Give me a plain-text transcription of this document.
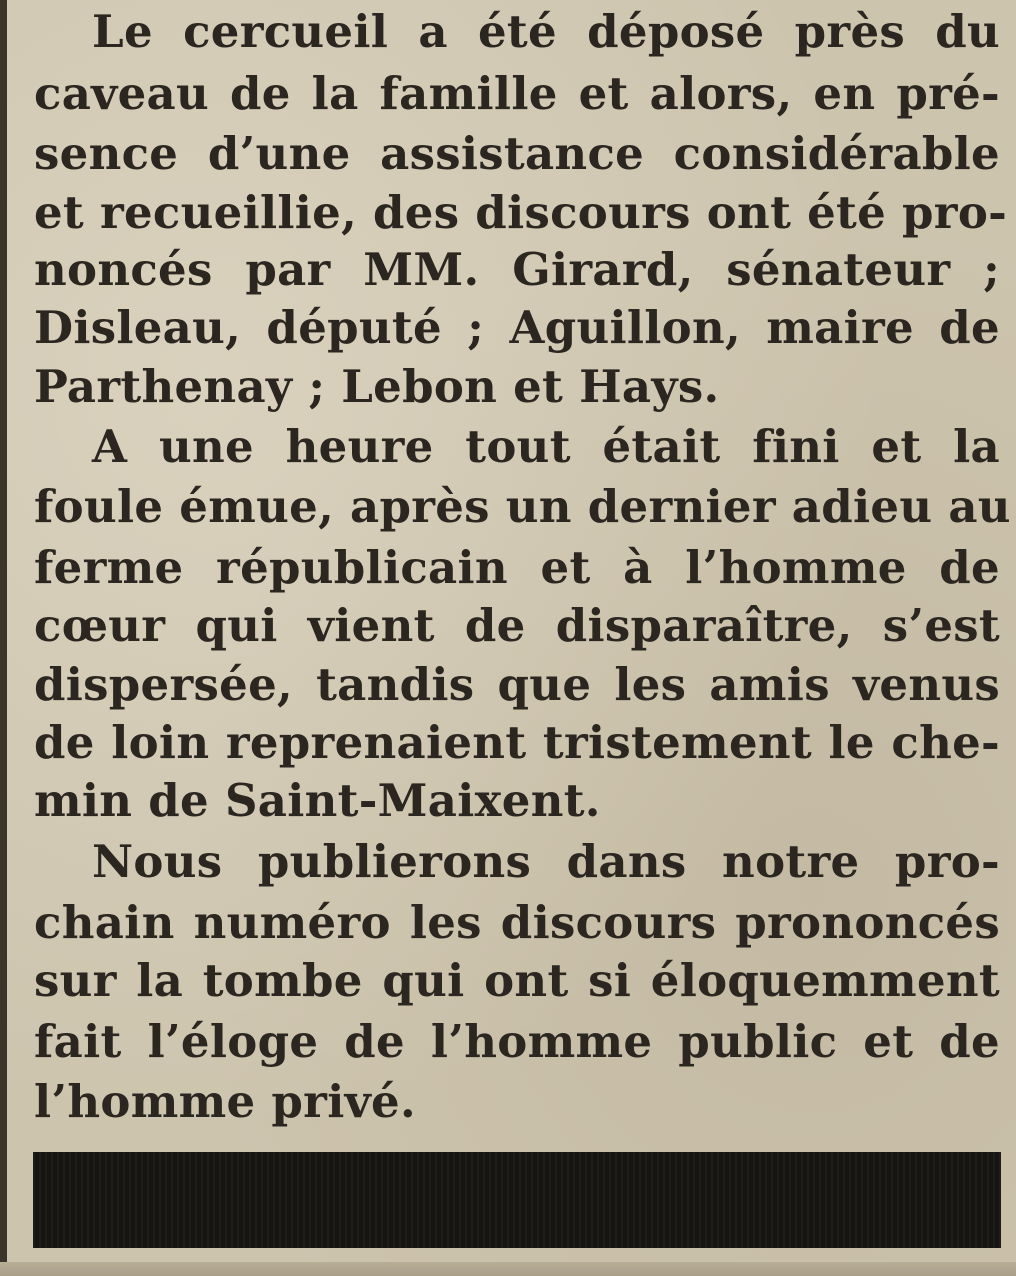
Le cercueil a été déposé près du

caveau de la famille et alors, en pré-

sence d’une assistance considérable

et recueillie, des discours ont été pro-

noncés par MM. Girard, sénateur ;

Disleau, député ; Aguillon, maire de

Parthenay ; Lebon et Hays.

A une heure tout était fini et la

foule émue, après un dernier adieu au

ferme républicain et à l’homme de

cœur qui vient de disparaître, s’est

dispersée, tandis que les amis venus

de loin reprenaient tristement le che-

min de Saint-Maixent.

Nous publierons dans notre pro-

chain numéro les discours prononcés

sur la tombe qui ont si éloquemment

fait l’éloge de l’homme public et de

l’homme privé.
